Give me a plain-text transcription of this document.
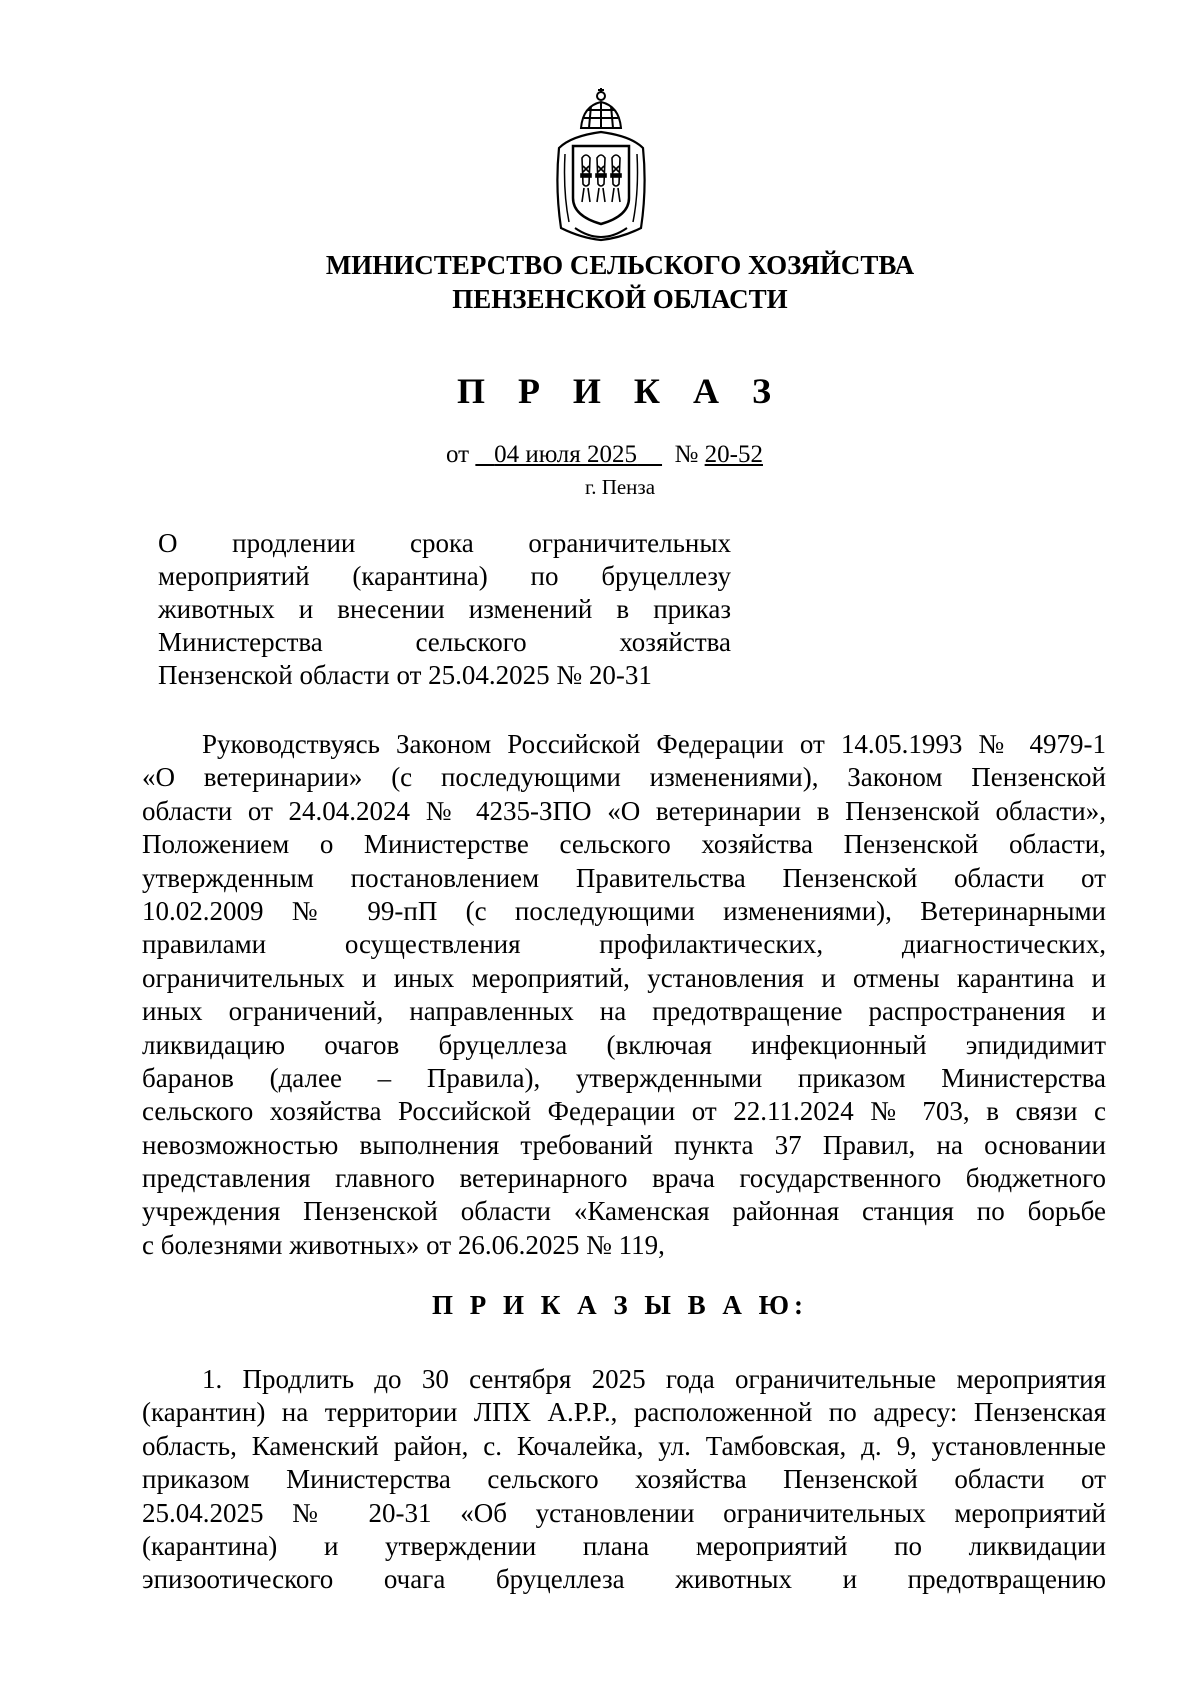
МИНИСТЕРСТВО СЕЛЬСКОГО ХОЗЯЙСТВА
ПЕНЗЕНСКОЙ ОБЛАСТИ
П Р И К А З
от 04 июля 2025 № 20-52
г. Пенза
О продлении срока ограничительных
мероприятий (карантина) по бруцеллезу
животных и внесении изменений в приказ
Министерства сельского хозяйства
Пензенской области от 25.04.2025 № 20-31
Руководствуясь Законом Российской Федерации от 14.05.1993 № 4979-1
«О ветеринарии» (с последующими изменениями), Законом Пензенской
области от 24.04.2024 № 4235-ЗПО «О ветеринарии в Пензенской области»,
Положением о Министерстве сельского хозяйства Пензенской области,
утвержденным постановлением Правительства Пензенской области от
10.02.2009 № 99-пП (с последующими изменениями), Ветеринарными
правилами осуществления профилактических, диагностических,
ограничительных и иных мероприятий, установления и отмены карантина и
иных ограничений, направленных на предотвращение распространения и
ликвидацию очагов бруцеллеза (включая инфекционный эпидидимит
баранов (далее – Правила), утвержденными приказом Министерства
сельского хозяйства Российской Федерации от 22.11.2024 № 703, в связи с
невозможностью выполнения требований пункта 37 Правил, на основании
представления главного ветеринарного врача государственного бюджетного
учреждения Пензенской области «Каменская районная станция по борьбе
с болезнями животных» от 26.06.2025 № 119,
П Р И К А З Ы В А Ю:
1. Продлить до 30 сентября 2025 года ограничительные мероприятия
(карантин) на территории ЛПХ А.Р.Р., расположенной по адресу: Пензенская
область, Каменский район, с. Кочалейка, ул. Тамбовская, д. 9, установленные
приказом Министерства сельского хозяйства Пензенской области от
25.04.2025 № 20-31 «Об установлении ограничительных мероприятий
(карантина) и утверждении плана мероприятий по ликвидации
эпизоотического очага бруцеллеза животных и предотвращению
